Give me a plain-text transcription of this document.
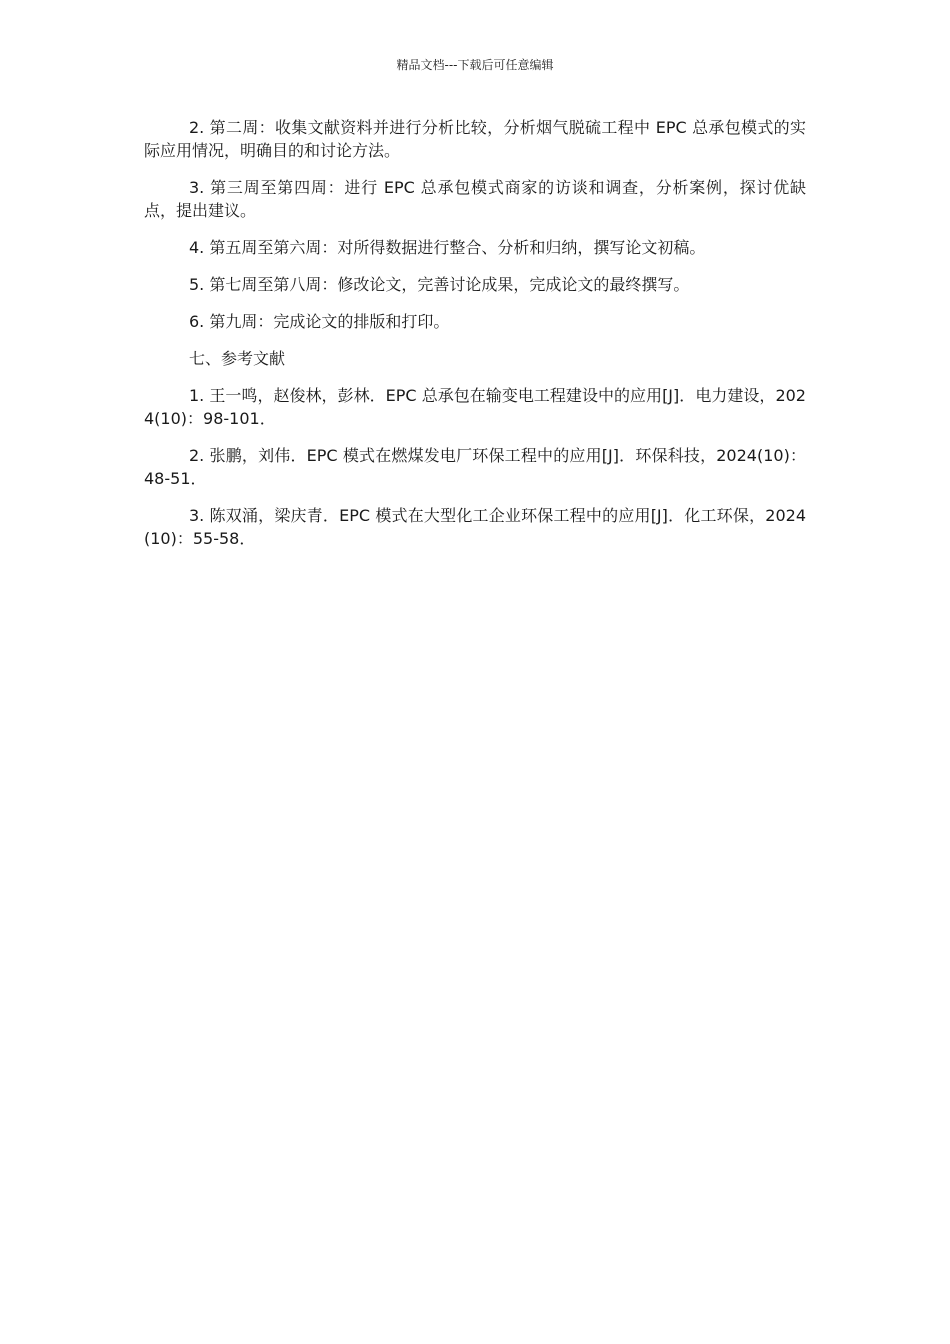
精品文档---下载后可任意编辑

2. 第二周：收集文献资料并进行分析比较，分析烟气脱硫工程中 EPC 总承包模式的实际应用情况，明确目的和讨论方法。

3. 第三周至第四周：进行 EPC 总承包模式商家的访谈和调查，分析案例，探讨优缺点，提出建议。

4. 第五周至第六周：对所得数据进行整合、分析和归纳，撰写论文初稿。

5. 第七周至第八周：修改论文，完善讨论成果，完成论文的最终撰写。

6. 第九周：完成论文的排版和打印。

七、参考文献

1. 王一鸣，赵俊林，彭林．EPC 总承包在输变电工程建设中的应用[J]．电力建设，2024(10)：98-101．

2. 张鹏，刘伟．EPC 模式在燃煤发电厂环保工程中的应用[J]．环保科技，2024(10)：48-51．

3. 陈双涌，梁庆青．EPC 模式在大型化工企业环保工程中的应用[J]．化工环保，2024(10)：55-58．
